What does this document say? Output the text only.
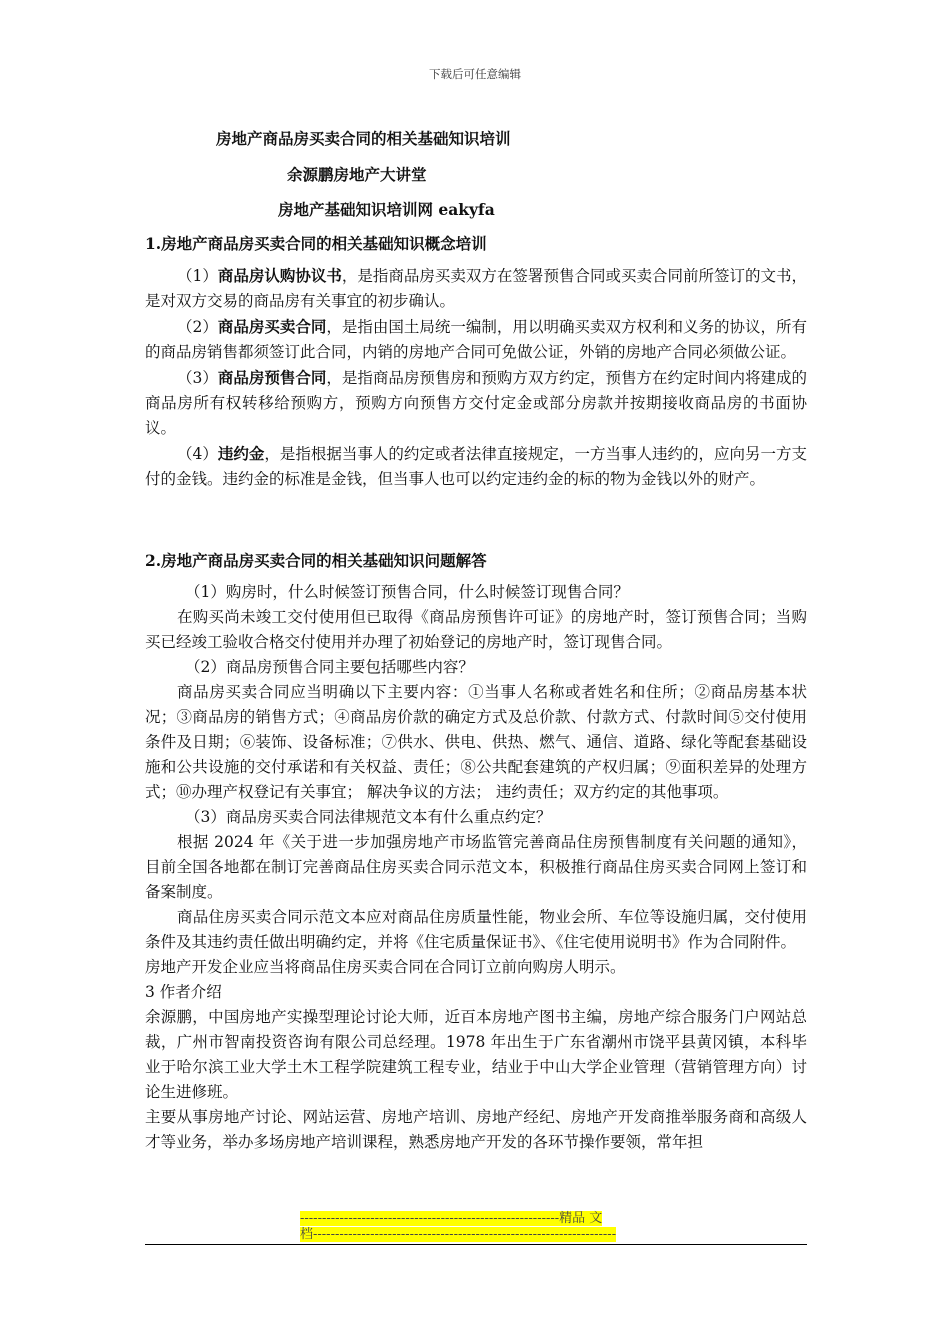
下载后可任意编辑
房地产商品房买卖合同的相关基础知识培训
余源鹏房地产大讲堂
房地产基础知识培训网 eakyfa
1.房地产商品房买卖合同的相关基础知识概念培训

（1）商品房认购协议书，是指商品房买卖双方在签署预售合同或买卖合同前所签订的文书，是对双方交易的商品房有关事宜的初步确认。

（2）商品房买卖合同，是指由国土局统一编制，用以明确买卖双方权利和义务的协议，所有的商品房销售都须签订此合同，内销的房地产合同可免做公证，外销的房地产合同必须做公证。

（3）商品房预售合同，是指商品房预售房和预购方双方约定，预售方在约定时间内将建成的商品房所有权转移给预购方，预购方向预售方交付定金或部分房款并按期接收商品房的书面协议。

（4）违约金，是指根据当事人的约定或者法律直接规定，一方当事人违约的，应向另一方支付的金钱。违约金的标准是金钱，但当事人也可以约定违约金的标的物为金钱以外的财产。

2.房地产商品房买卖合同的相关基础知识问题解答

（1）购房时，什么时候签订预售合同，什么时候签订现售合同？

在购买尚未竣工交付使用但已取得《商品房预售许可证》的房地产时，签订预售合同；当购买已经竣工验收合格交付使用并办理了初始登记的房地产时，签订现售合同。

（2）商品房预售合同主要包括哪些内容？

商品房买卖合同应当明确以下主要内容：①当事人名称或者姓名和住所；②商品房基本状况；③商品房的销售方式；④商品房价款的确定方式及总价款、付款方式、付款时间⑤交付使用条件及日期；⑥装饰、设备标准；⑦供水、供电、供热、燃气、通信、道路、绿化等配套基础设施和公共设施的交付承诺和有关权益、责任；⑧公共配套建筑的产权归属；⑨面积差异的处理方式；⑩办理产权登记有关事宜； 解决争议的方法； 违约责任；双方约定的其他事项。

（3）商品房买卖合同法律规范文本有什么重点约定？

根据 2024 年《关于进一步加强房地产市场监管完善商品住房预售制度有关问题的通知》，目前全国各地都在制订完善商品住房买卖合同示范文本，积极推行商品住房买卖合同网上签订和备案制度。

商品住房买卖合同示范文本应对商品住房质量性能，物业会所、车位等设施归属，交付使用条件及其违约责任做出明确约定，并将《住宅质量保证书》、《住宅使用说明书》作为合同附件。

房地产开发企业应当将商品住房买卖合同在合同订立前向购房人明示。

3 作者介绍

余源鹏，中国房地产实操型理论讨论大师，近百本房地产图书主编，房地产综合服务门户网站总裁，广州市智南投资咨询有限公司总经理。1978 年出生于广东省潮州市饶平县黄冈镇，本科毕业于哈尔滨工业大学土木工程学院建筑工程专业，结业于中山大学企业管理（营销管理方向）讨论生进修班。

主要从事房地产讨论、网站运营、房地产培训、房地产经纪、房地产开发商推举服务商和高级人才等业务，举办多场房地产培训课程，熟悉房地产开发的各环节操作要领，常年担

-----------------------------------------------------------精品 文
档---------------------------------------------------------------------
